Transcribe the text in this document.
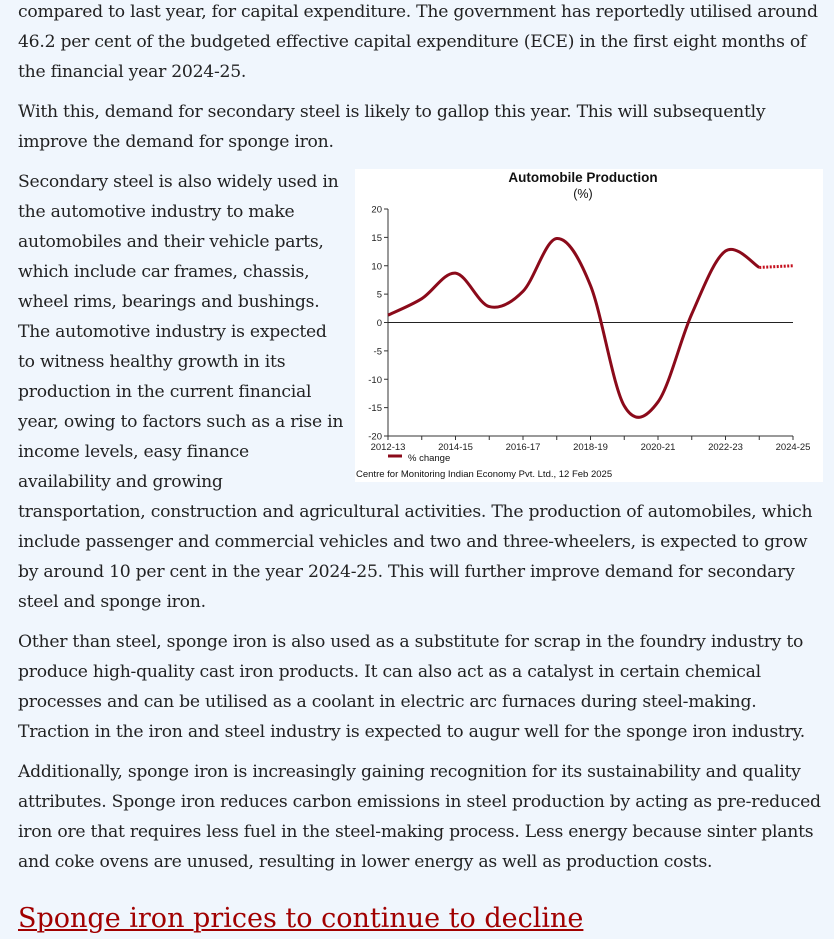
compared to last year, for capital expenditure. The government has reportedly utilised around 46.2 per cent of the budgeted effective capital expenditure (ECE) in the first eight months of the financial year 2024-25.

With this, demand for secondary steel is likely to gallop this year. This will subsequently improve the demand for sponge iron.

Automobile Production
(%)
20
15
10
5
0
-5
-10
-15
-20
2012-13	2014-15	2016-17	2018-19	2020-21	2022-23	2024-25
% change
Centre for Monitoring Indian Economy Pvt. Ltd., 12 Feb 2025

Secondary steel is also widely used in the automotive industry to make automobiles and their vehicle parts, which include car frames, chassis, wheel rims, bearings and bushings. The automotive industry is expected to witness healthy growth in its production in the current financial year, owing to factors such as a rise in income levels, easy finance availability and growing transportation, construction and agricultural activities. The production of automobiles, which include passenger and commercial vehicles and two and three-wheelers, is expected to grow by around 10 per cent in the year 2024-25. This will further improve demand for secondary steel and sponge iron.

Other than steel, sponge iron is also used as a substitute for scrap in the foundry industry to produce high-quality cast iron products. It can also act as a catalyst in certain chemical processes and can be utilised as a coolant in electric arc furnaces during steel-making. Traction in the iron and steel industry is expected to augur well for the sponge iron industry.

Additionally, sponge iron is increasingly gaining recognition for its sustainability and quality attributes. Sponge iron reduces carbon emissions in steel production by acting as pre-reduced iron ore that requires less fuel in the steel-making process. Less energy because sinter plants and coke ovens are unused, resulting in lower energy as well as production costs.

Sponge iron prices to continue to decline
